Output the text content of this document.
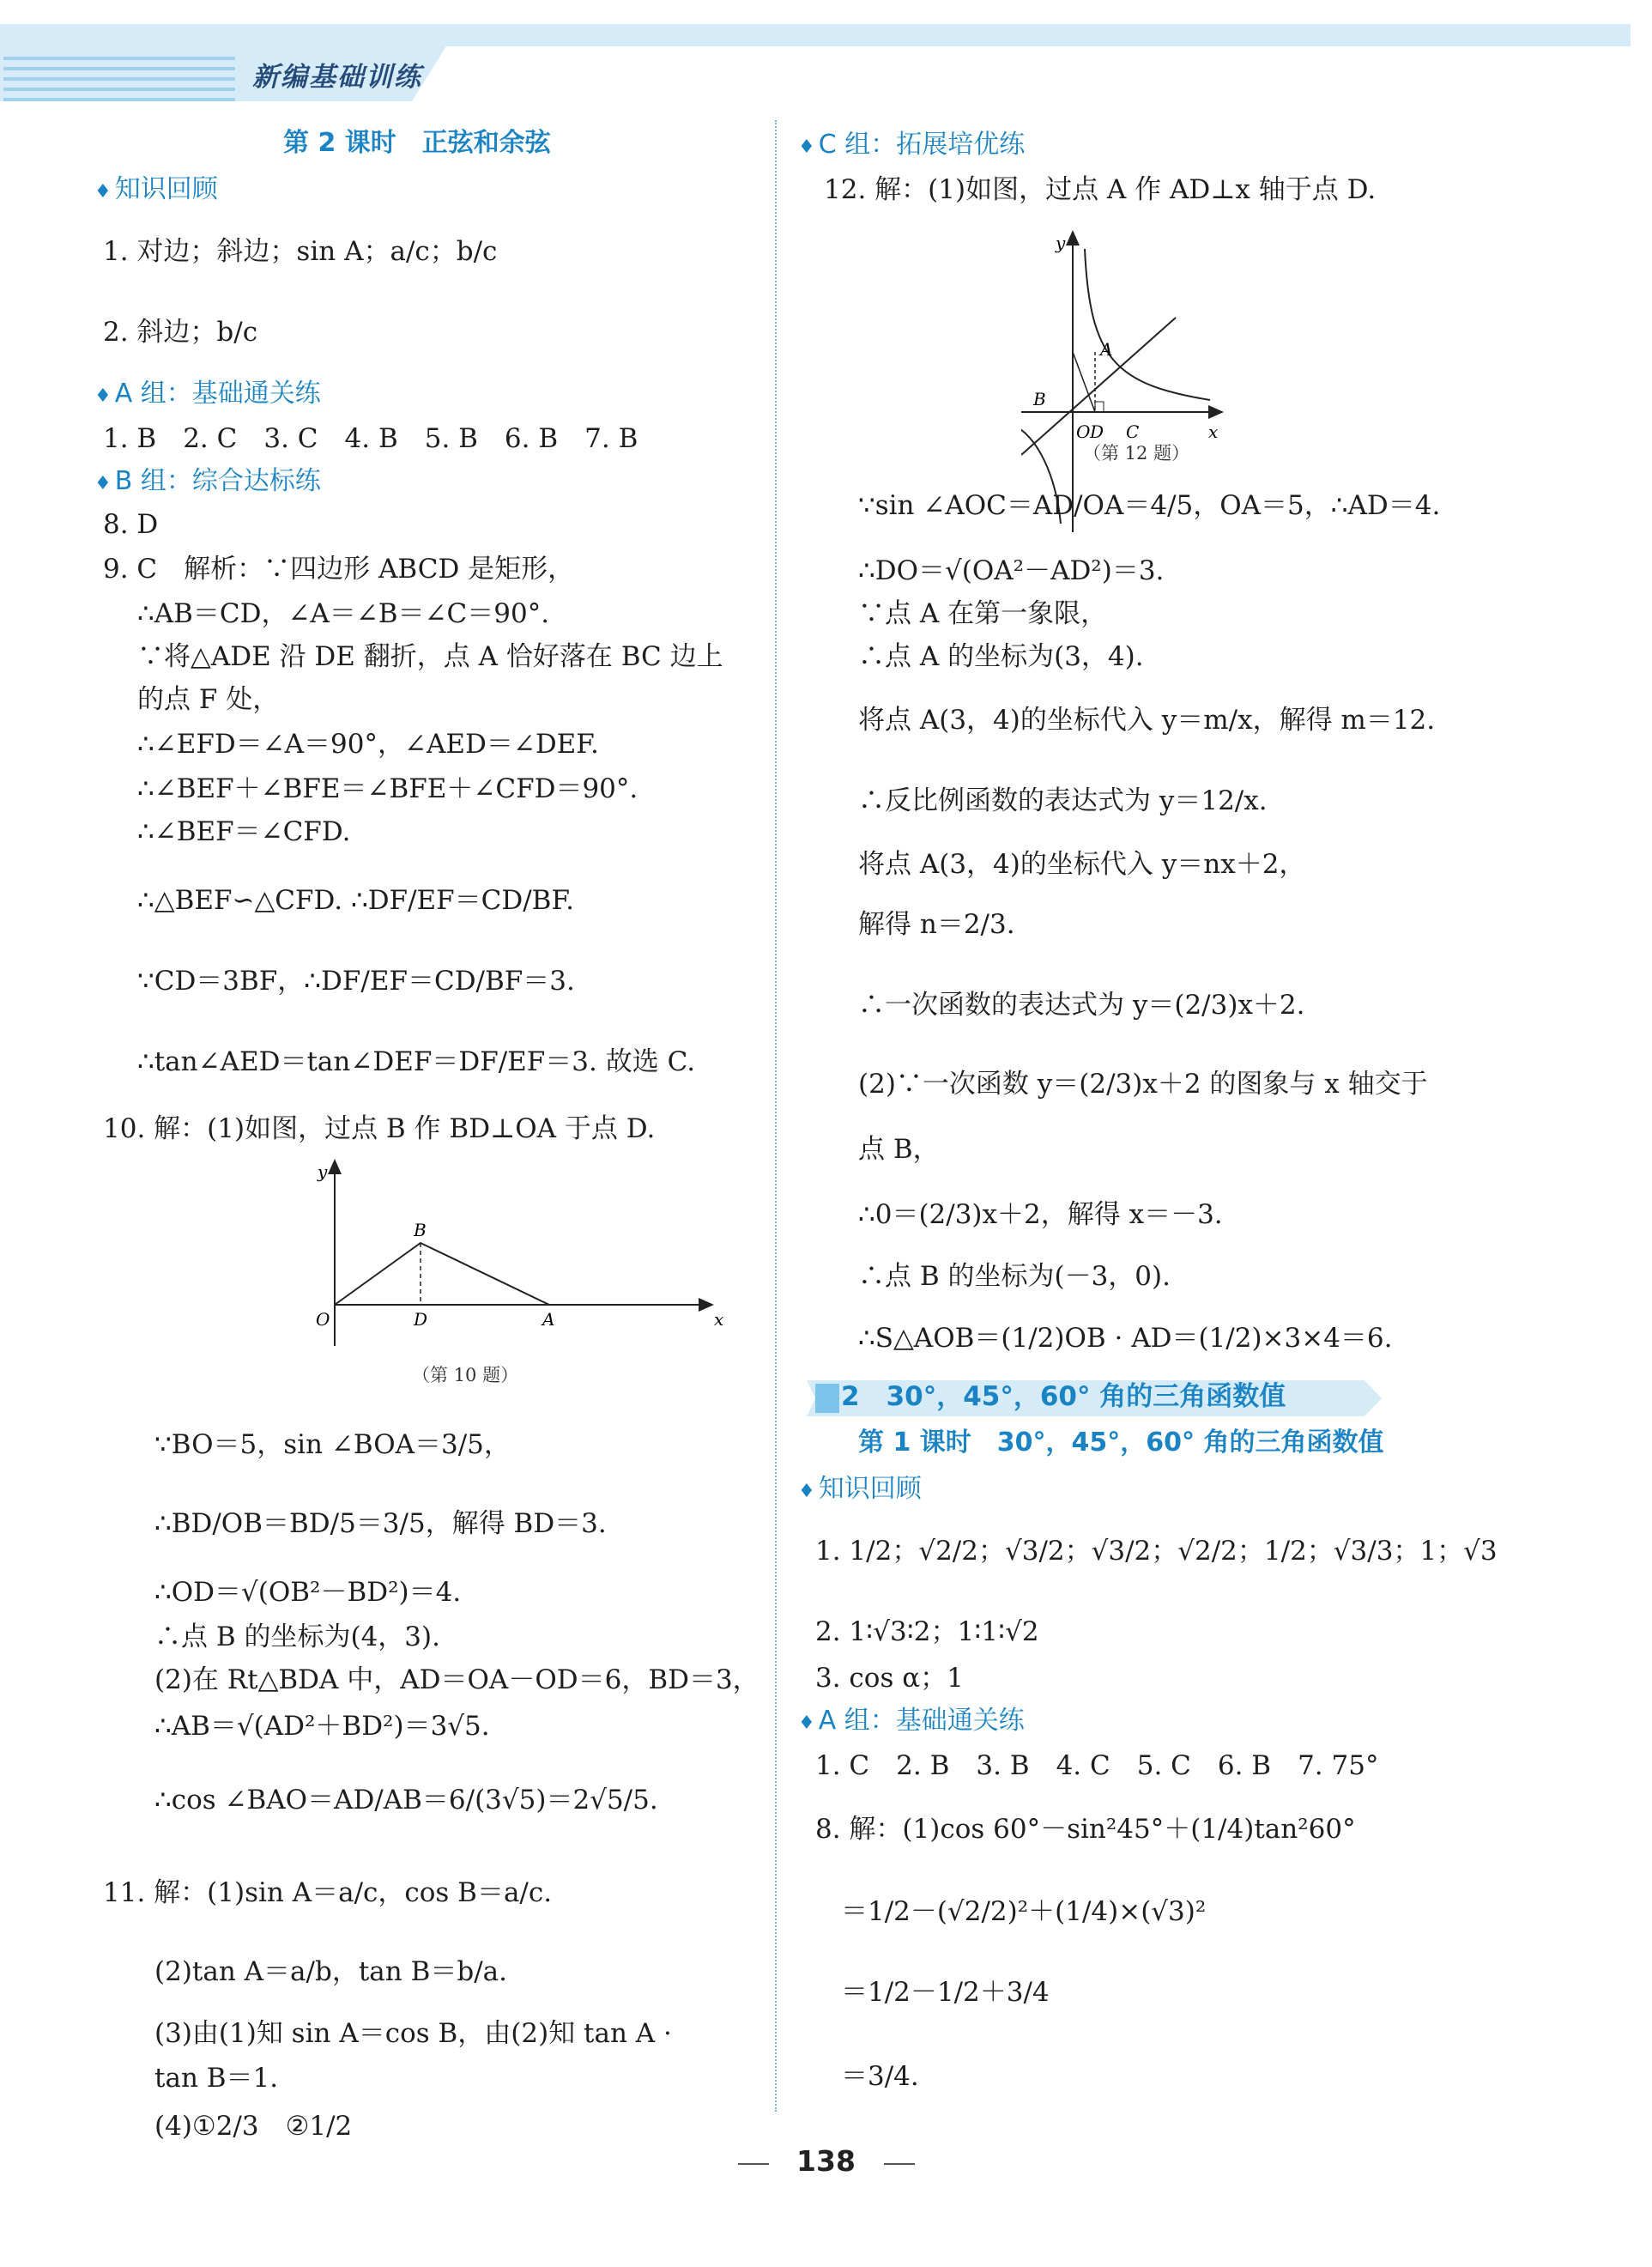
新编基础训练
第 2 课时　正弦和余弦
♦ 知识回顾
1. 对边；斜边；sin A；a/c；b/c
2. 斜边；b/c
♦ A 组：基础通关练
1. B　2. C　3. C　4. B　5. B　6. B　7. B
♦ B 组：综合达标练
8. D
9. C　解析：∵四边形 ABCD 是矩形，
∴AB＝CD，∠A＝∠B＝∠C＝90°.
∵将△ADE 沿 DE 翻折，点 A 恰好落在 BC 边上
的点 F 处，
∴∠EFD＝∠A＝90°，∠AED＝∠DEF.
∴∠BEF＋∠BFE＝∠BFE＋∠CFD＝90°.
∴∠BEF＝∠CFD.
∴△BEF∽△CFD. ∴DF/EF＝CD/BF.
∵CD＝3BF，∴DF/EF＝CD/BF＝3.
∴tan∠AED＝tan∠DEF＝DF/EF＝3. 故选 C.
10. 解：(1)如图，过点 B 作 BD⊥OA 于点 D.
y
x
O	D	A
B
（第 10 题）
∵BO＝5，sin ∠BOA＝3/5，
∴BD/OB＝BD/5＝3/5，解得 BD＝3.
∴OD＝√(OB²－BD²)＝4.
∴点 B 的坐标为(4，3).
(2)在 Rt△BDA 中，AD＝OA－OD＝6，BD＝3，
∴AB＝√(AD²＋BD²)＝3√5.
∴cos ∠BAO＝AD/AB＝6/(3√5)＝2√5/5.
11. 解：(1)sin A＝a/c，cos B＝a/c.
(2)tan A＝a/b，tan B＝b/a.
(3)由(1)知 sin A＝cos B，由(2)知 tan A ·
tan B＝1.
(4)①2/3　②1/2
♦ C 组：拓展培优练
12. 解：(1)如图，过点 A 作 AD⊥x 轴于点 D.
y
x
A
B
O D C
（第 12 题）
∵sin ∠AOC＝AD/OA＝4/5，OA＝5，∴AD＝4.
∴DO＝√(OA²－AD²)＝3.
∵点 A 在第一象限，
∴点 A 的坐标为(3，4).
将点 A(3，4)的坐标代入 y＝m/x，解得 m＝12.
∴反比例函数的表达式为 y＝12/x.
将点 A(3，4)的坐标代入 y＝nx＋2，
解得 n＝2/3.
∴一次函数的表达式为 y＝(2/3)x＋2.
(2)∵一次函数 y＝(2/3)x＋2 的图象与 x 轴交于
点 B，
∴0＝(2/3)x＋2，解得 x＝－3.
∴点 B 的坐标为(－3，0).
∴S△AOB＝(1/2)OB · AD＝(1/2)×3×4＝6.
2　30°，45°，60° 角的三角函数值
第 1 课时　30°，45°，60° 角的三角函数值
♦ 知识回顾
1. 1/2；√2/2；√3/2；√3/2；√2/2；1/2；√3/3；1；√3
2. 1∶√3∶2；1∶1∶√2
3. cos α；1
♦ A 组：基础通关练
1. C　2. B　3. B　4. C　5. C　6. B　7. 75°
8. 解：(1)cos 60°－sin²45°＋(1/4)tan²60°
＝1/2－(√2/2)²＋(1/4)×(√3)²
＝1/2－1/2＋3/4
＝3/4.
138
